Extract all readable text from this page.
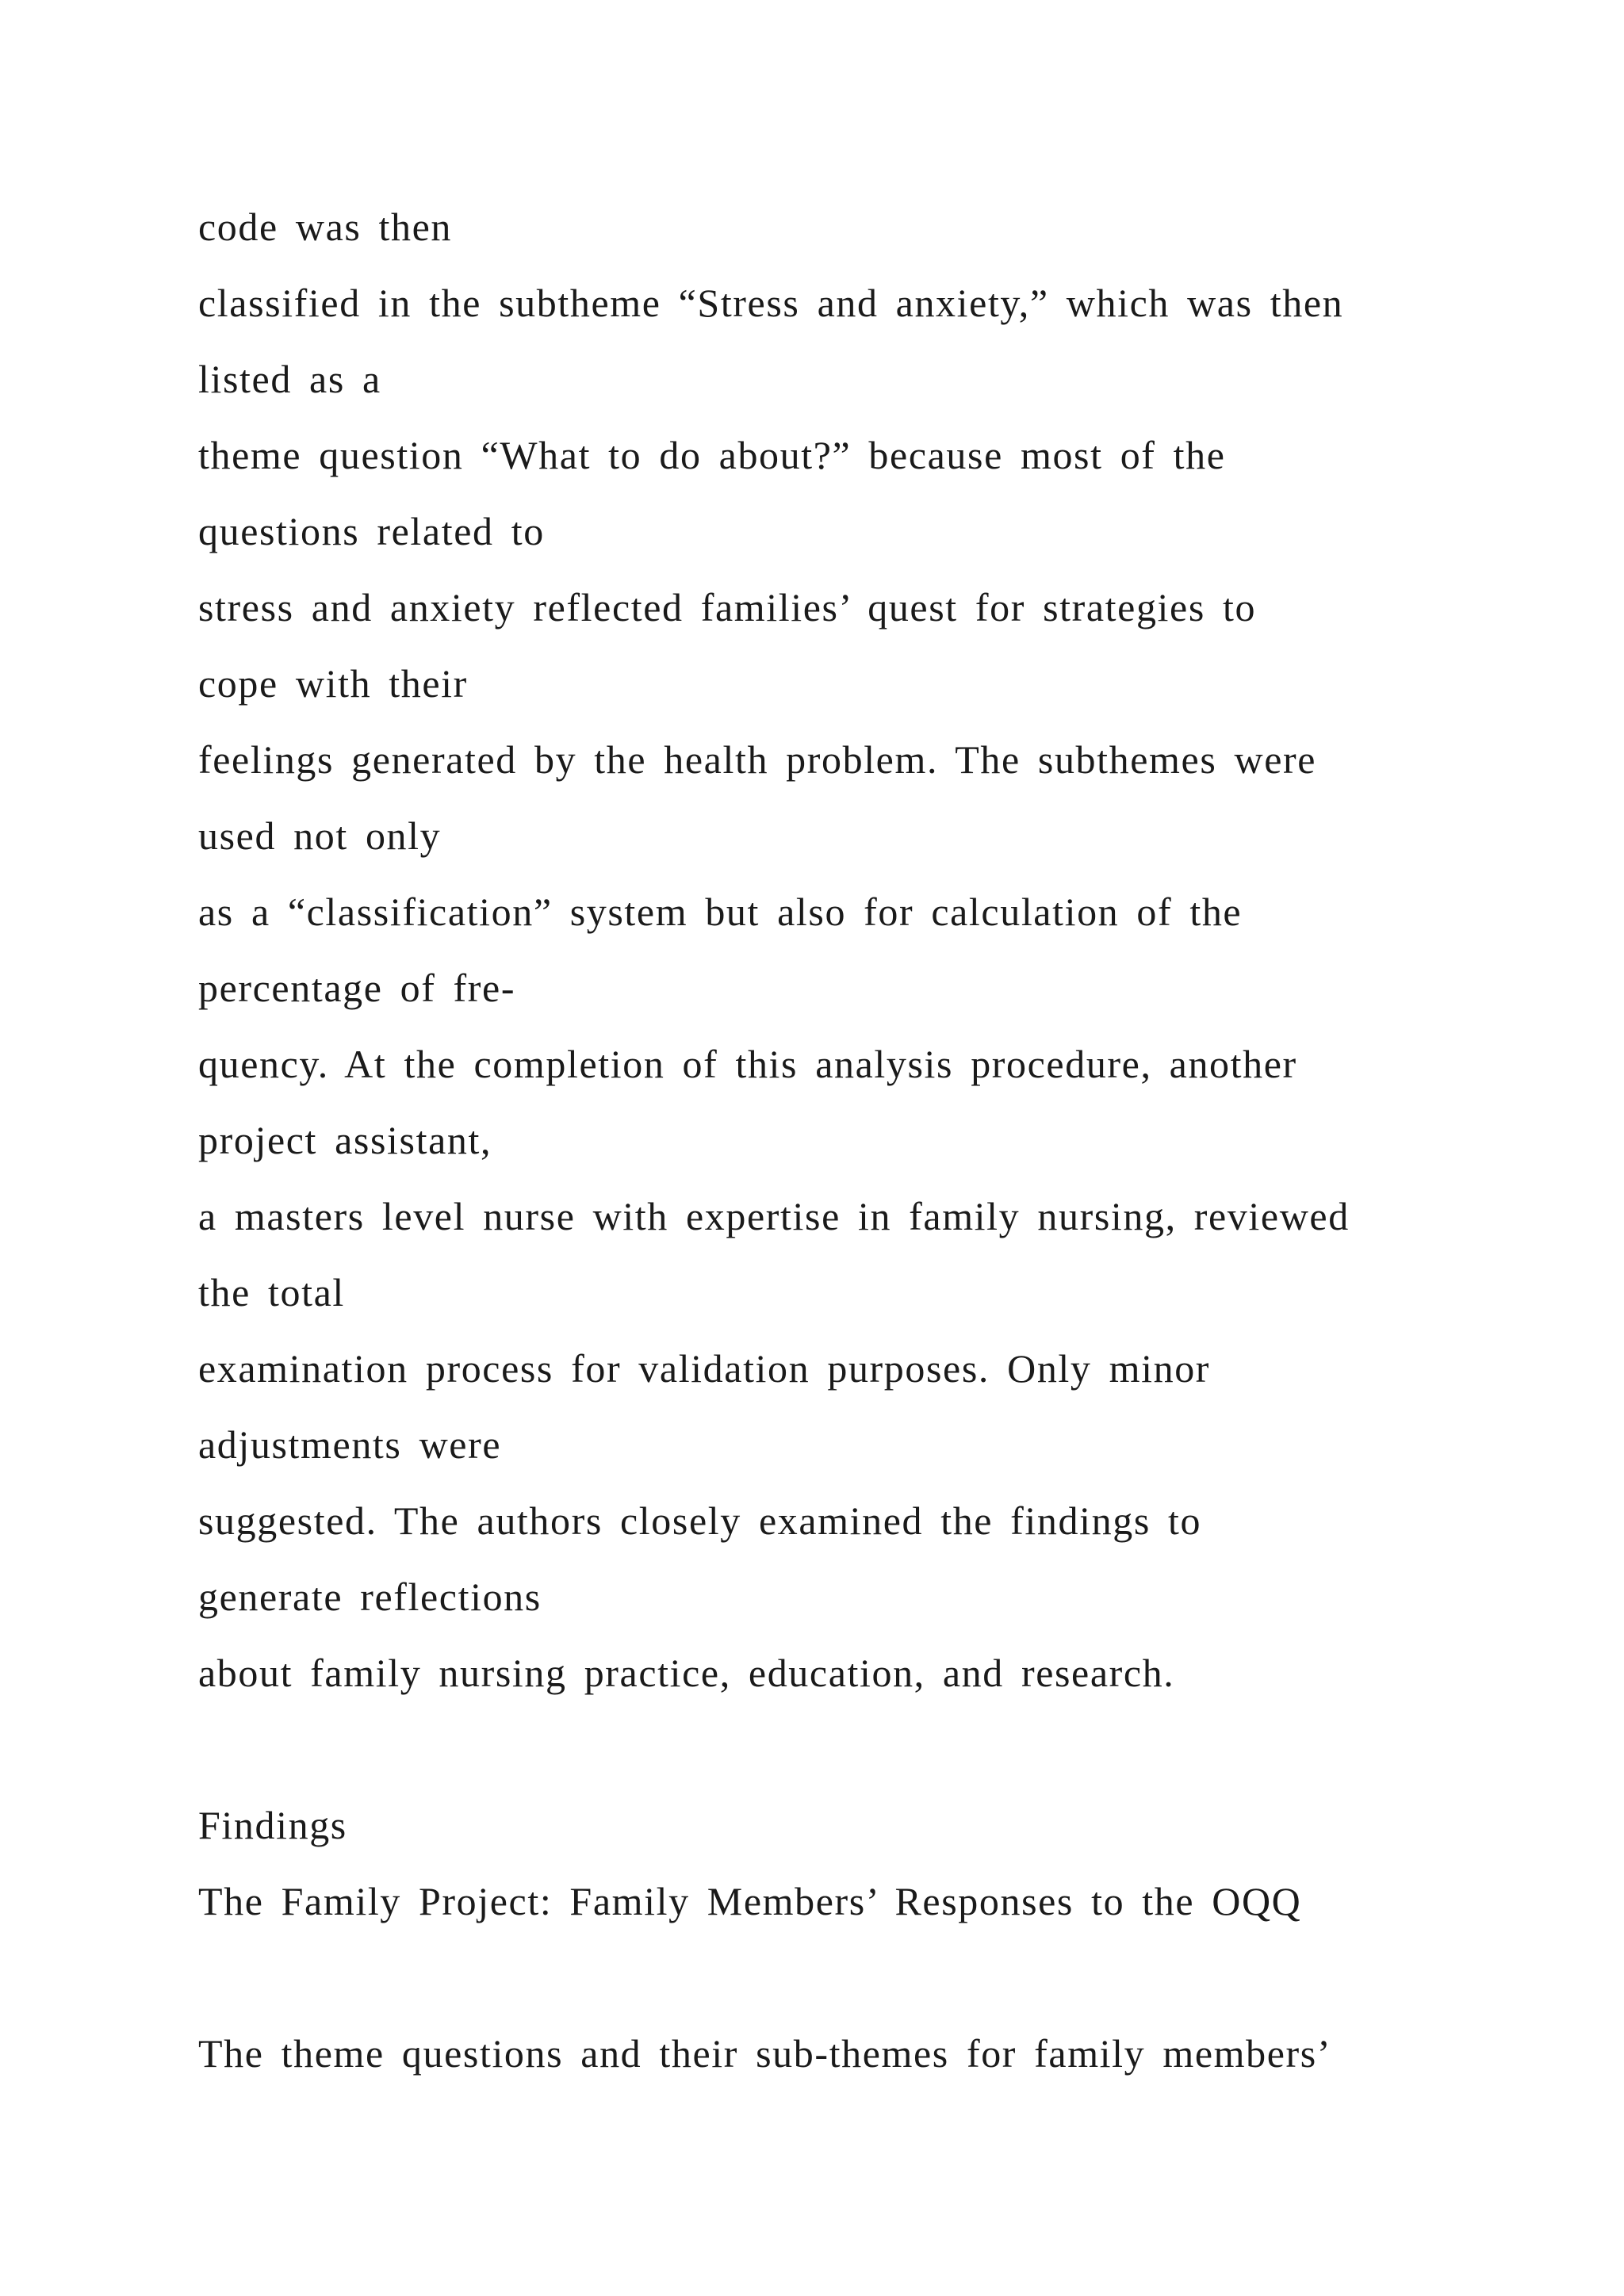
code was then
classified in the subtheme “Stress and anxiety,” which was then
listed as a
theme question “What to do about?” because most of the
questions related to
stress and anxiety reflected families’ quest for strategies to
cope with their
feelings generated by the health problem. The subthemes were
used not only
as a “classification” system but also for calculation of the
percentage of fre-
quency. At the completion of this analysis procedure, another
project assistant,
a masters level nurse with expertise in family nursing, reviewed
the total
examination process for validation purposes. Only minor
adjustments were
suggested. The authors closely examined the findings to
generate reflections
about family nursing practice, education, and research.
Findings
The Family Project: Family Members’ Responses to the OQQ
The theme questions and their sub-themes for family members’
